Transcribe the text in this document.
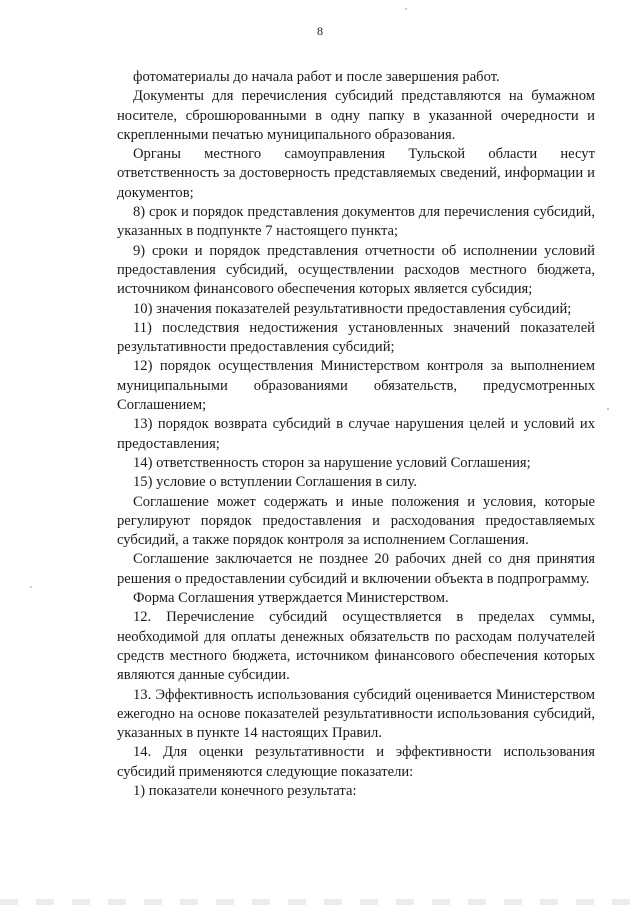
8

фотоматериалы до начала работ и после завершения работ.

Документы для перечисления субсидий представляются на бумажном носителе, сброшюрованными в одну папку в указанной очередности и скрепленными печатью муниципального образования.

Органы местного самоуправления Тульской области несут ответственность за достоверность представляемых сведений, информации и документов;

8) срок и порядок представления документов для перечисления субсидий, указанных в подпункте 7 настоящего пункта;

9) сроки и порядок представления отчетности об исполнении условий предоставления субсидий, осуществлении расходов местного бюджета, источником финансового обеспечения которых является субсидия;

10) значения показателей результативности предоставления субсидий;

11) последствия недостижения установленных значений показателей результативности предоставления субсидий;

12) порядок осуществления Министерством контроля за выполнением муниципальными образованиями обязательств, предусмотренных Соглашением;

13) порядок возврата субсидий в случае нарушения целей и условий их предоставления;

14) ответственность сторон за нарушение условий Соглашения;

15) условие о вступлении Соглашения в силу.

Соглашение может содержать и иные положения и условия, которые регулируют порядок предоставления и расходования предоставляемых субсидий, а также порядок контроля за исполнением Соглашения.

Соглашение заключается не позднее 20 рабочих дней со дня принятия решения о предоставлении субсидий и включении объекта в подпрограмму.

Форма Соглашения утверждается Министерством.

12. Перечисление субсидий осуществляется в пределах суммы, необходимой для оплаты денежных обязательств по расходам получателей средств местного бюджета, источником финансового обеспечения которых являются данные субсидии.

13. Эффективность использования субсидий оценивается Министерством ежегодно на основе показателей результативности использования субсидий, указанных в пункте 14 настоящих Правил.

14. Для оценки результативности и эффективности использования субсидий применяются следующие показатели:

1) показатели конечного результата:
